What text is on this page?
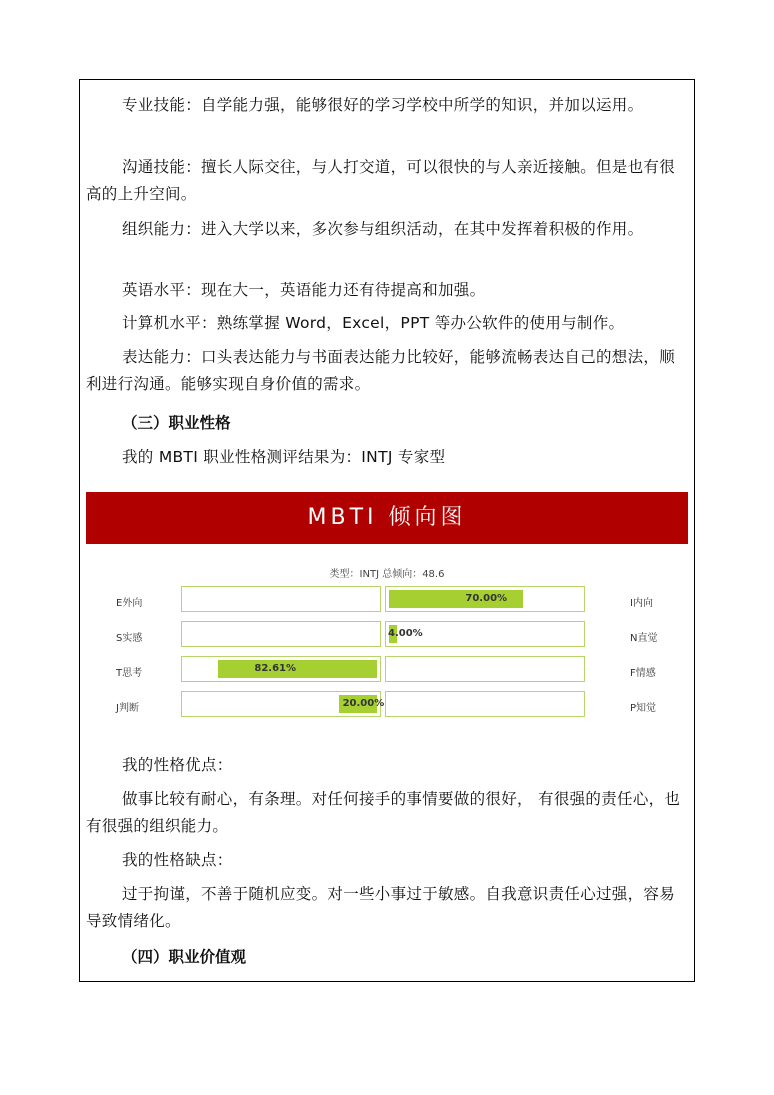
专业技能：自学能力强，能够很好的学习学校中所学的知识，并加以运用。

沟通技能：擅长人际交往，与人打交道，可以很快的与人亲近接触。但是也有很高的上升空间。

组织能力：进入大学以来，多次参与组织活动，在其中发挥着积极的作用。

英语水平：现在大一，英语能力还有待提高和加强。

计算机水平：熟练掌握 Word，Excel，PPT 等办公软件的使用与制作。

表达能力：口头表达能力与书面表达能力比较好，能够流畅表达自己的想法，顺利进行沟通。能够实现自身价值的需求。

（三）职业性格

我的 MBTI 职业性格测评结果为：INTJ 专家型

MBTI 倾向图
类型：INTJ 总倾向：48.6
E外向	I内向
70.00%
S实感	N直觉
4.00%
T思考	F情感
82.61%
J判断	P知觉
20.00%

我的性格优点：

做事比较有耐心，有条理。对任何接手的事情要做的很好， 有很强的责任心，也有很强的组织能力。

我的性格缺点：

过于拘谨，不善于随机应变。对一些小事过于敏感。自我意识责任心过强，容易导致情绪化。

（四）职业价值观
